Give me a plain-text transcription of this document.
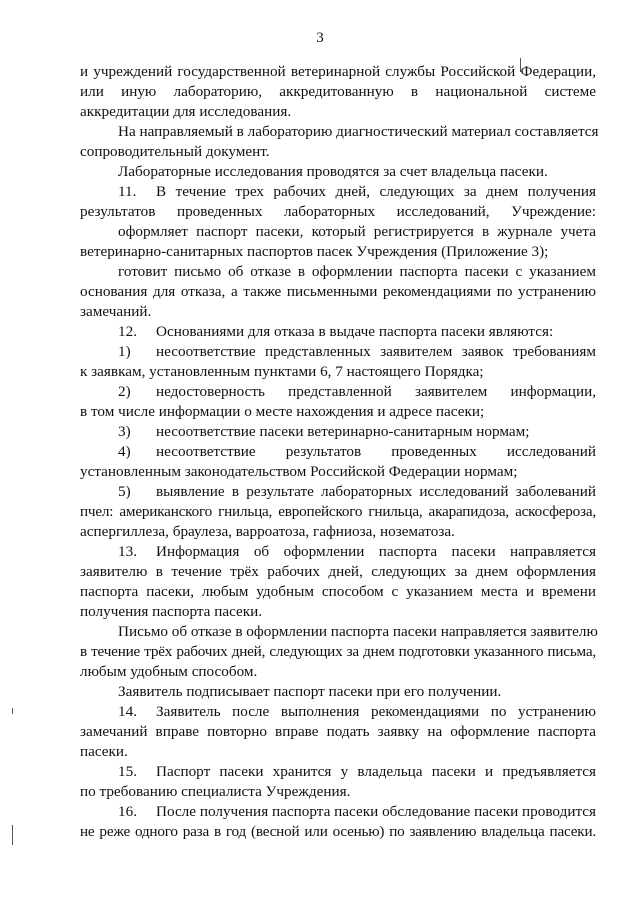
3
и учреждений государственной ветеринарной службы Российской Федерации,
или иную лабораторию, аккредитованную в национальной системе
аккредитации для исследования.
На направляемый в лабораторию диагностический материал составляется
сопроводительный документ.
Лабораторные исследования проводятся за счет владельца пасеки.
11. В течение трех рабочих дней, следующих за днем получения
результатов проведенных лабораторных исследований, Учреждение:
оформляет паспорт пасеки, который регистрируется в журнале учета
ветеринарно-санитарных паспортов пасек Учреждения (Приложение 3);
готовит письмо об отказе в оформлении паспорта пасеки с указанием
основания для отказа, а также письменными рекомендациями по устранению
замечаний.
12. Основаниями для отказа в выдаче паспорта пасеки являются:
1) несоответствие представленных заявителем заявок требованиям
к заявкам, установленным пунктами 6, 7 настоящего Порядка;
2) недостоверность представленной заявителем информации,
в том числе информации о месте нахождения и адресе пасеки;
3) несоответствие пасеки ветеринарно-санитарным нормам;
4) несоответствие результатов проведенных исследований
установленным законодательством Российской Федерации нормам;
5) выявление в результате лабораторных исследований заболеваний
пчел: американского гнильца, европейского гнильца, акарапидоза, аскосфероза,
аспергиллеза, браулеза, варроатоза, гафниоза, нозематоза.
13. Информация об оформлении паспорта пасеки направляется
заявителю в течение трёх рабочих дней, следующих за днем оформления
паспорта пасеки, любым удобным способом с указанием места и времени
получения паспорта пасеки.
Письмо об отказе в оформлении паспорта пасеки направляется заявителю
в течение трёх рабочих дней, следующих за днем подготовки указанного письма,
любым удобным способом.
Заявитель подписывает паспорт пасеки при его получении.
14. Заявитель после выполнения рекомендациями по устранению
замечаний вправе повторно вправе подать заявку на оформление паспорта
пасеки.
15. Паспорт пасеки хранится у владельца пасеки и предъявляется
по требованию специалиста Учреждения.
16. После получения паспорта пасеки обследование пасеки проводится
не реже одного раза в год (весной или осенью) по заявлению владельца пасеки.
